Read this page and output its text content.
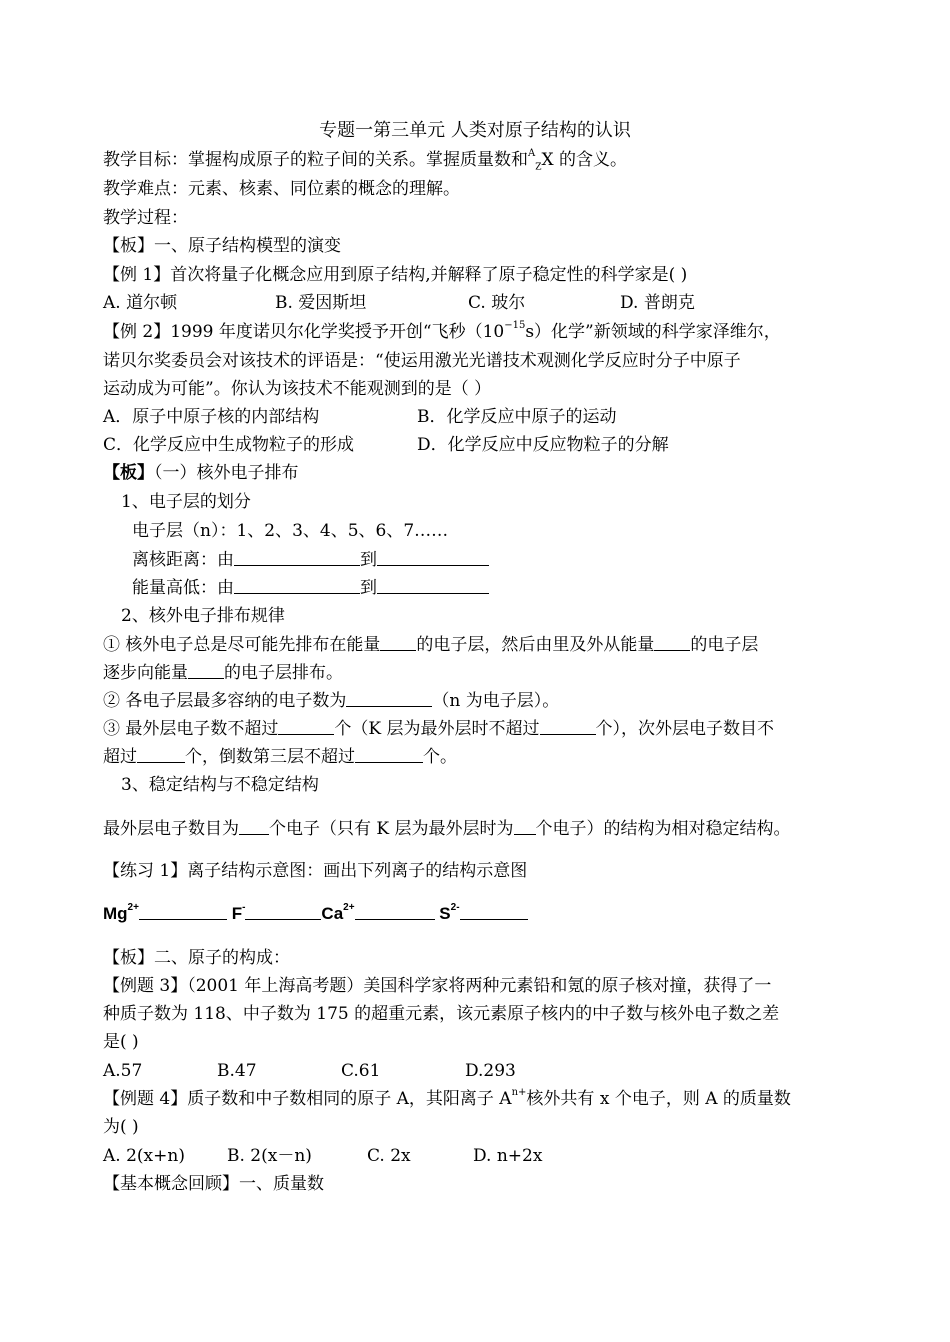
专题一第三单元 人类对原子结构的认识
教学目标：掌握构成原子的粒子间的关系。掌握质量数和$^A_Z$X 的含义。
教学难点：元素、核素、同位素的概念的理解。
教学过程：
【板】一、原子结构模型的演变
【例 1】首次将量子化概念应用到原子结构,并解释了原子稳定性的科学家是( )
A. 道尔顿	B. 爱因斯坦	C. 玻尔	D. 普朗克
【例 2】1999 年度诺贝尔化学奖授予开创“飞秒$(10^{-15}s)$化学”新领域的科学家泽维尔，
诺贝尔奖委员会对该技术的评语是：“使运用激光光谱技术观测化学反应时分子中原子
运动成为可能”。你认为该技术不能观测到的是（ ）
A．原子中原子核的内部结构	B．化学反应中原子的运动
C．化学反应中生成物粒子的形成	D．化学反应中反应物粒子的分解
【板】（一）核外电子排布
1、电子层的划分
电子层（n）：1、2、3、4、5、6、7……
离核距离：由	到
能量高低：由	到
2、核外电子排布规律
① 核外电子总是尽可能先排布在能量 的电子层，然后由里及外从能量 的电子层
逐步向能量 的电子层排布。
② 各电子层最多容纳的电子数为	（n 为电子层）。
③ 最外层电子数不超过	个（K 层为最外层时不超过	个），次外层电子数目不
超过	个，倒数第三层不超过	个。
3、稳定结构与不稳定结构
最外层电子数目为 个电子（只有 K 层为最外层时为 个电子）的结构为相对稳定结构。
【练习 1】离子结构示意图：画出下列离子的结构示意图
$Mg^{2+}$	F-	$Ca^{2+}$	$S^{2-}$
【板】二、原子的构成：
【例题 3】（2001 年上海高考题）美国科学家将两种元素铅和氪的原子核对撞，获得了一
种质子数为 118、中子数为 175 的超重元素，该元素原子核内的中子数与核外电子数之差
是( )
A.57	B.47	C.61	D.293
【例题 4】质子数和中子数相同的原子 A，其阳离子 $A^{n+}$核外共有 x 个电子，则 A 的质量数
为( )
A. 2(x+n)	B. 2(x－n)	C. 2x	D. n+2x
【基本概念回顾】一、质量数
